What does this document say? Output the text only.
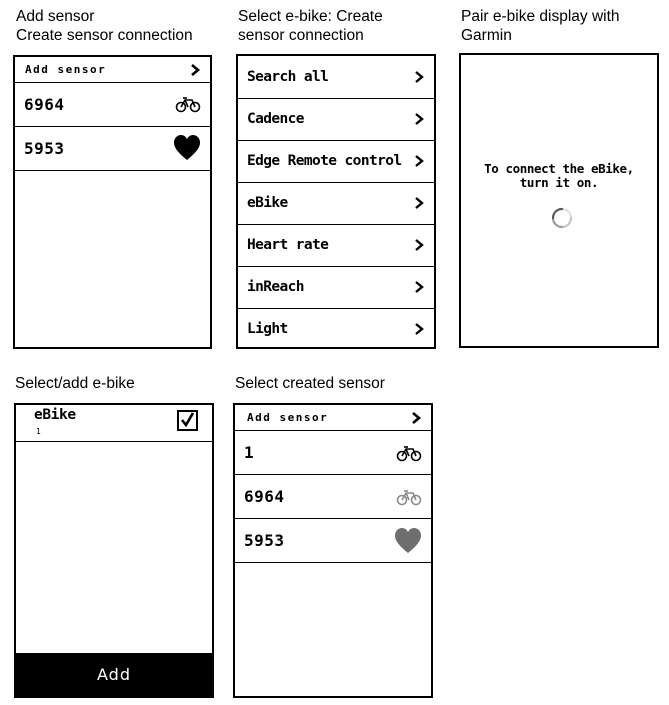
Add sensor
Create sensor connection
Select e-bike: Create
sensor connection
Pair e-bike display with
Garmin
Select/add e-bike	Select created sensor
Add sensor
6964
5953
Search all
Cadence
Edge Remote control
eBike
Heart rate
inReach
Light
To connect the eBike,
turn it on.
eBike
1
Add
Add sensor
1
6964
5953
